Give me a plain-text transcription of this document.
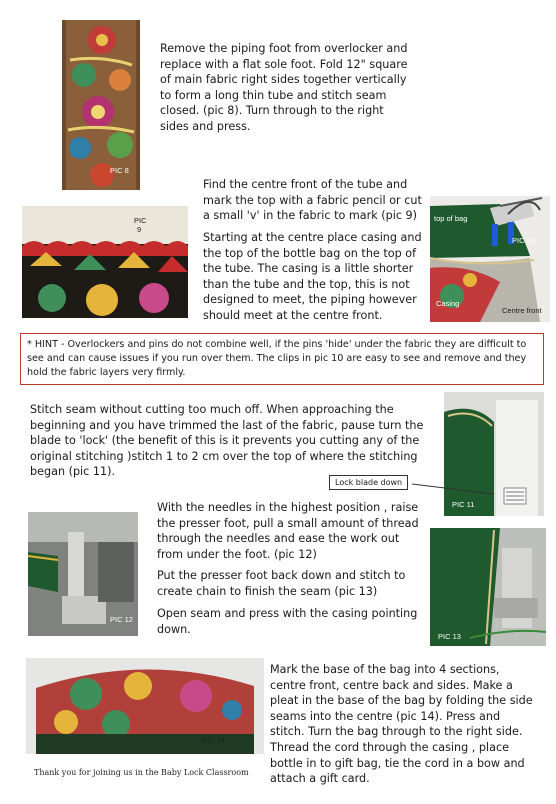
PIC 8
Remove the piping foot from overlocker and replace with a flat sole foot. Fold 12" square of main fabric right sides together vertically to form a long thin tube and stitch seam closed. (pic 8). Turn through to the right sides and press.
Find the centre front of the tube and mark the top with a fabric pencil or cut a small 'v' in the fabric to mark (pic 9)
PIC
9
Starting at the centre place casing and the top of the bottle bag on the top of the tube. The casing is a little shorter than the tube and the top, this is not designed to meet, the piping however should meet at the centre front.
top of bag
PIC 10
Casing
Centre front
* HINT - Overlockers and pins do not combine well, if the pins 'hide' under the fabric they are difficult to see and can cause issues if you run over them. The clips in pic 10 are easy to see and remove and they hold the fabric layers very firmly.
Stitch seam without cutting too much off. When approaching the beginning and you have trimmed the last of the fabric, pause turn the blade to 'lock' (the benefit of this is it prevents you cutting any of the original stitching )stitch 1 to 2 cm over the top of where the stitching began (pic 11).
PIC 11
Lock blade down
With the needles in the highest position , raise the presser foot, pull a small amount of thread through the needles and ease the work out from under the foot. (pic 12)
PIC 12
Put the presser foot back down and stitch to create chain to finish the seam (pic 13)
Open seam and press with the casing pointing down.
PIC 13
PIC 14
Mark the base of the bag into 4 sections, centre front, centre back and sides. Make a pleat in the base of the bag by folding the side seams into the centre (pic 14). Press and stitch. Turn the bag through to the right side. Thread the cord through the casing , place bottle in to gift bag, tie the cord in a bow and attach a gift card.
Thank you for joining us in the Baby Lock Classroom
